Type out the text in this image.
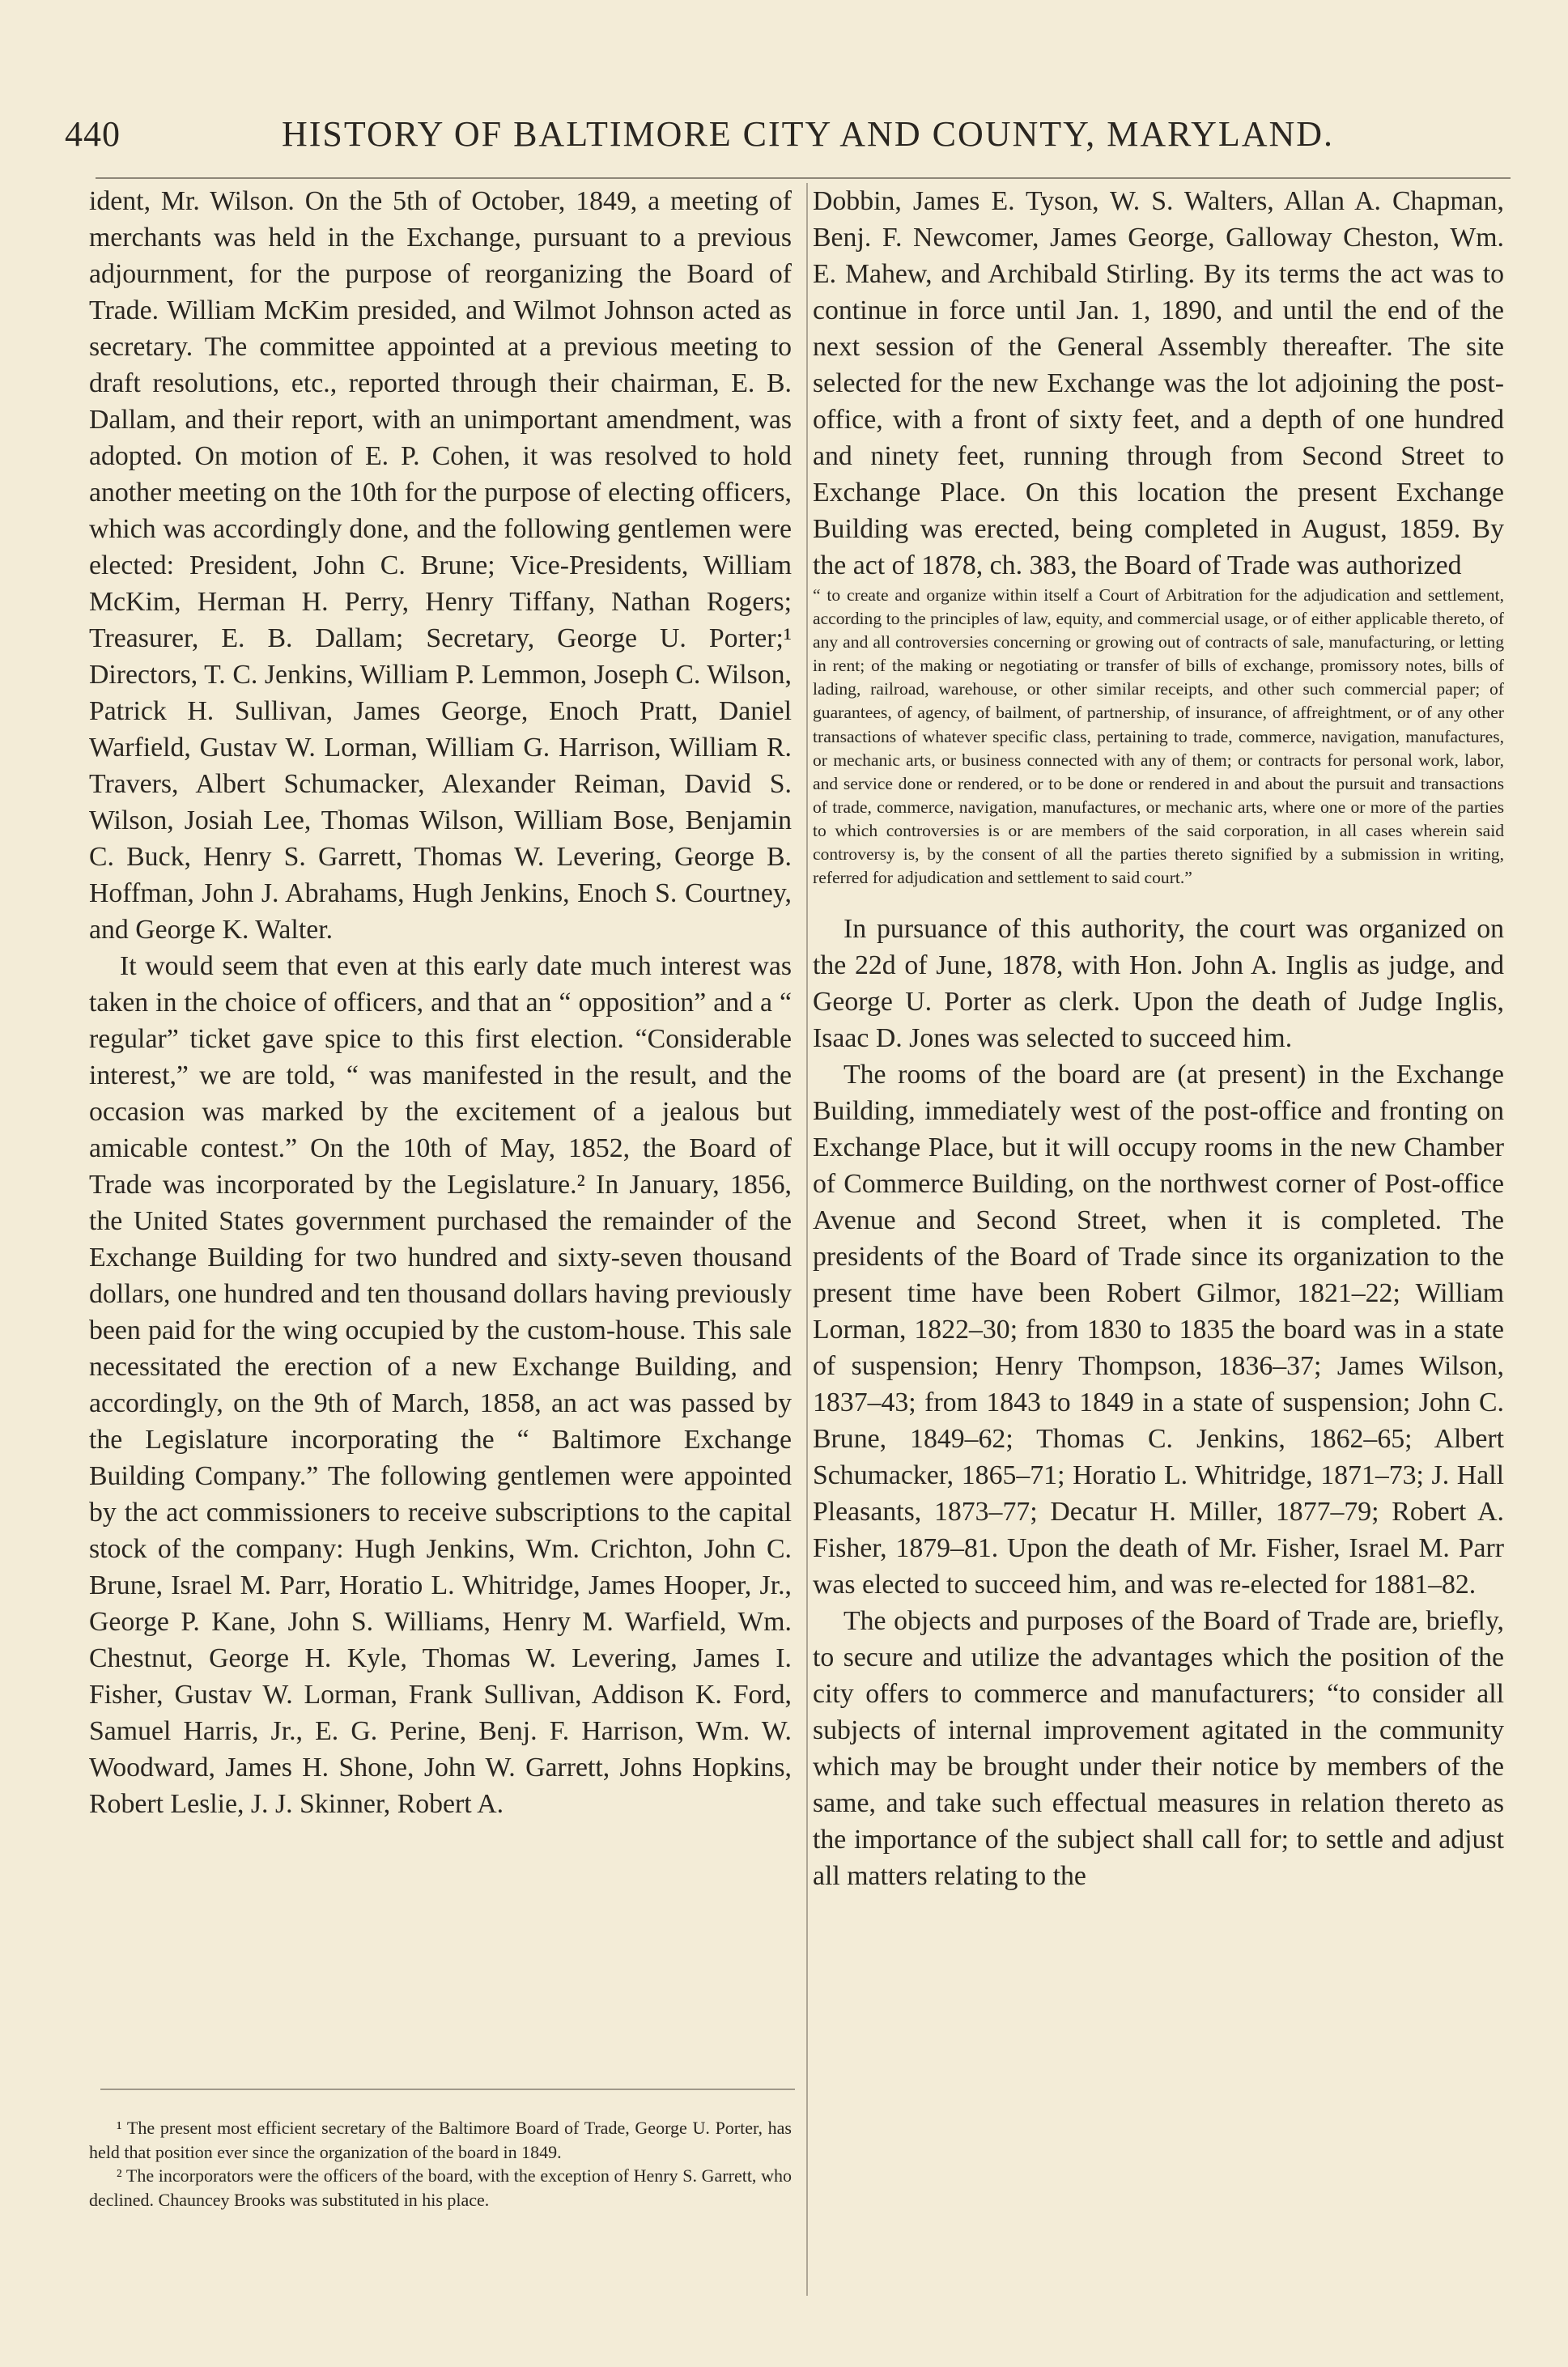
440	HISTORY OF BALTIMORE CITY AND COUNTY, MARYLAND.

ident, Mr. Wilson. On the 5th of October, 1849, a meeting of merchants was held in the Exchange, pursuant to a previous adjournment, for the purpose of reorganizing the Board of Trade. William McKim presided, and Wilmot Johnson acted as secretary. The committee appointed at a previous meeting to draft resolutions, etc., reported through their chairman, E. B. Dallam, and their report, with an unimportant amendment, was adopted. On motion of E. P. Cohen, it was resolved to hold another meeting on the 10th for the purpose of electing officers, which was accordingly done, and the following gentlemen were elected: President, John C. Brune; Vice-Presidents, William McKim, Herman H. Perry, Henry Tiffany, Nathan Rogers; Treasurer, E. B. Dallam; Secretary, George U. Porter;¹ Directors, T. C. Jenkins, William P. Lemmon, Joseph C. Wilson, Patrick H. Sullivan, James George, Enoch Pratt, Daniel Warfield, Gustav W. Lorman, William G. Harrison, William R. Travers, Albert Schumacker, Alexander Reiman, David S. Wilson, Josiah Lee, Thomas Wilson, William Bose, Benjamin C. Buck, Henry S. Garrett, Thomas W. Levering, George B. Hoffman, John J. Abrahams, Hugh Jenkins, Enoch S. Courtney, and George K. Walter.

It would seem that even at this early date much interest was taken in the choice of officers, and that an “ opposition” and a “ regular” ticket gave spice to this first election. “Considerable interest,” we are told, “ was manifested in the result, and the occasion was marked by the excitement of a jealous but amicable contest.” On the 10th of May, 1852, the Board of Trade was incorporated by the Legislature.² In January, 1856, the United States government purchased the remainder of the Exchange Building for two hundred and sixty-seven thousand dollars, one hundred and ten thousand dollars having previously been paid for the wing occupied by the custom-house. This sale necessitated the erection of a new Exchange Building, and accordingly, on the 9th of March, 1858, an act was passed by the Legislature incorporating the “ Baltimore Exchange Building Company.” The following gentlemen were appointed by the act commissioners to receive subscriptions to the capital stock of the company: Hugh Jenkins, Wm. Crichton, John C. Brune, Israel M. Parr, Horatio L. Whitridge, James Hooper, Jr., George P. Kane, John S. Williams, Henry M. Warfield, Wm. Chestnut, George H. Kyle, Thomas W. Levering, James I. Fisher, Gustav W. Lorman, Frank Sullivan, Addison K. Ford, Samuel Harris, Jr., E. G. Perine, Benj. F. Harrison, Wm. W. Woodward, James H. Shone, John W. Garrett, Johns Hopkins, Robert Leslie, J. J. Skinner, Robert A.

Dobbin, James E. Tyson, W. S. Walters, Allan A. Chapman, Benj. F. Newcomer, James George, Galloway Cheston, Wm. E. Mahew, and Archibald Stirling. By its terms the act was to continue in force until Jan. 1, 1890, and until the end of the next session of the General Assembly thereafter. The site selected for the new Exchange was the lot adjoining the post-office, with a front of sixty feet, and a depth of one hundred and ninety feet, running through from Second Street to Exchange Place. On this location the present Exchange Building was erected, being completed in August, 1859. By the act of 1878, ch. 383, the Board of Trade was authorized

“ to create and organize within itself a Court of Arbitration for the adjudication and settlement, according to the principles of law, equity, and commercial usage, or of either applicable thereto, of any and all controversies concerning or growing out of contracts of sale, manufacturing, or letting in rent; of the making or negotiating or transfer of bills of exchange, promissory notes, bills of lading, railroad, warehouse, or other similar receipts, and other such commercial paper; of guarantees, of agency, of bailment, of partnership, of insurance, of affreightment, or of any other transactions of whatever specific class, pertaining to trade, commerce, navigation, manufactures, or mechanic arts, or business connected with any of them; or contracts for personal work, labor, and service done or rendered, or to be done or rendered in and about the pursuit and transactions of trade, commerce, navigation, manufactures, or mechanic arts, where one or more of the parties to which controversies is or are members of the said corporation, in all cases wherein said controversy is, by the consent of all the parties thereto signified by a submission in writing, referred for adjudication and settlement to said court.”

In pursuance of this authority, the court was organized on the 22d of June, 1878, with Hon. John A. Inglis as judge, and George U. Porter as clerk. Upon the death of Judge Inglis, Isaac D. Jones was selected to succeed him.

The rooms of the board are (at present) in the Exchange Building, immediately west of the post-office and fronting on Exchange Place, but it will occupy rooms in the new Chamber of Commerce Building, on the northwest corner of Post-office Avenue and Second Street, when it is completed. The presidents of the Board of Trade since its organization to the present time have been Robert Gilmor, 1821–22; William Lorman, 1822–30; from 1830 to 1835 the board was in a state of suspension; Henry Thompson, 1836–37; James Wilson, 1837–43; from 1843 to 1849 in a state of suspension; John C. Brune, 1849–62; Thomas C. Jenkins, 1862–65; Albert Schumacker, 1865–71; Horatio L. Whitridge, 1871–73; J. Hall Pleasants, 1873–77; Decatur H. Miller, 1877–79; Robert A. Fisher, 1879–81. Upon the death of Mr. Fisher, Israel M. Parr was elected to succeed him, and was re-elected for 1881–82.

The objects and purposes of the Board of Trade are, briefly, to secure and utilize the advantages which the position of the city offers to commerce and manufacturers; “to consider all subjects of internal improvement agitated in the community which may be brought under their notice by members of the same, and take such effectual measures in relation thereto as the importance of the subject shall call for; to settle and adjust all matters relating to the

¹ The present most efficient secretary of the Baltimore Board of Trade, George U. Porter, has held that position ever since the organization of the board in 1849.

² The incorporators were the officers of the board, with the exception of Henry S. Garrett, who declined. Chauncey Brooks was substituted in his place.
